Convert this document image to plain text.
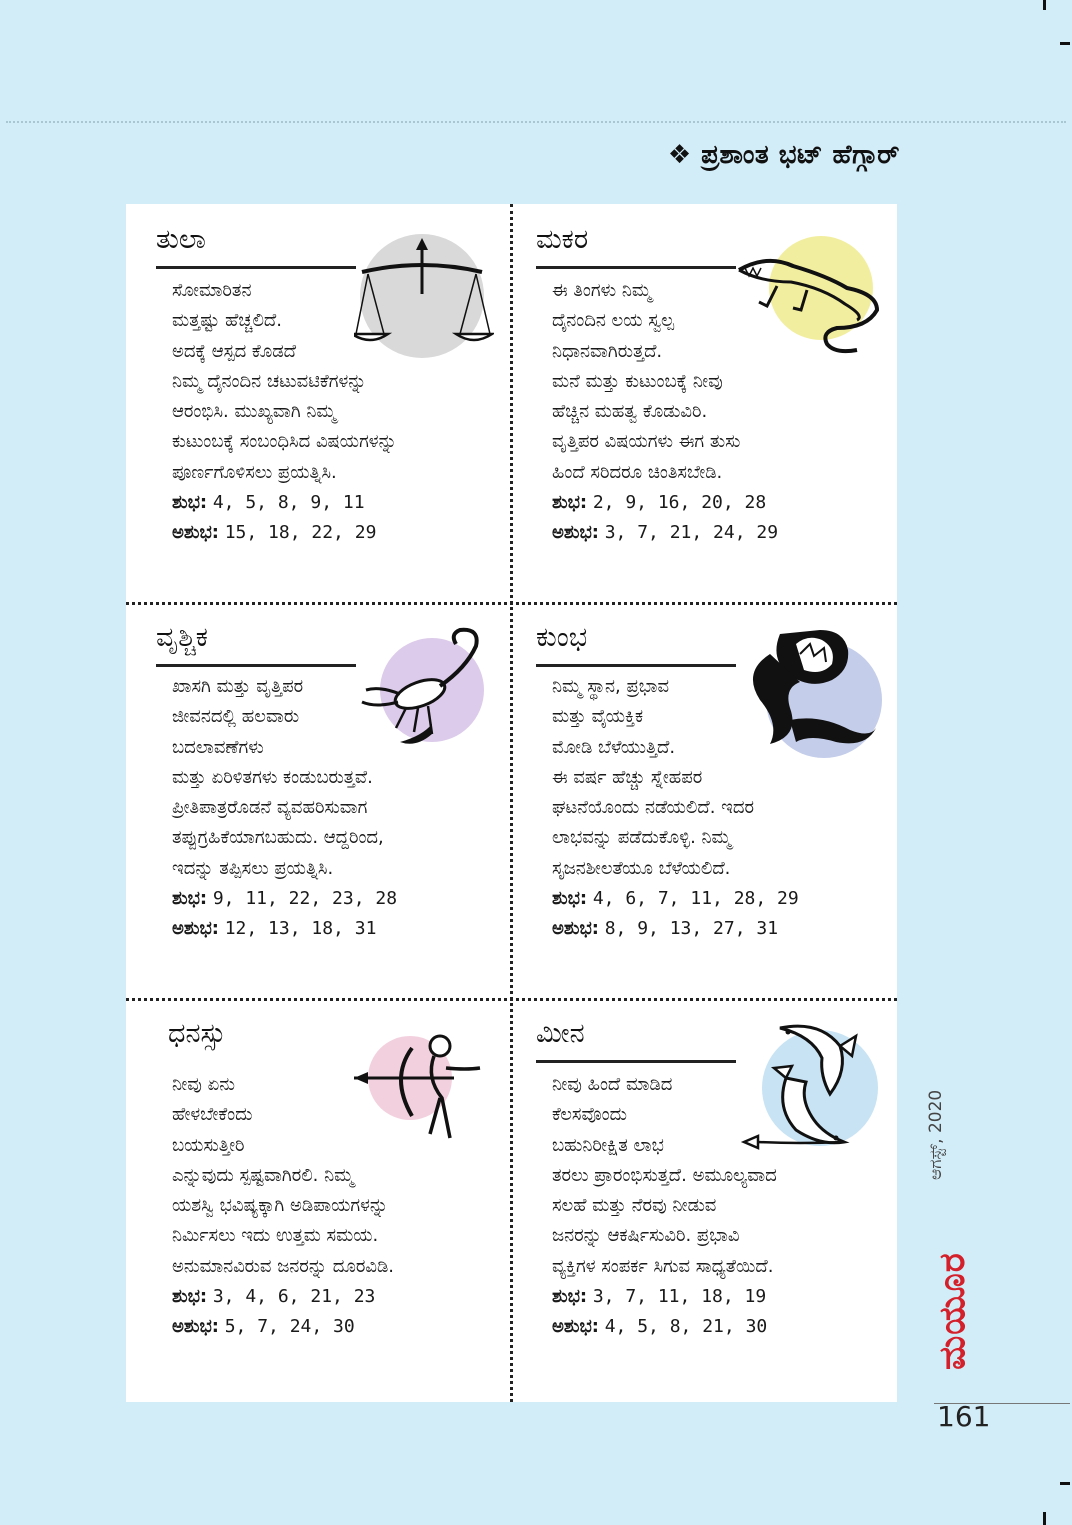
❖ ಪ್ರಶಾಂತ ಭಟ್ ಹೆಗ್ಗಾರ್
ತುಲಾ
ಸೋಮಾರಿತನ
ಮತ್ತಷ್ಟು ಹೆಚ್ಚಲಿದೆ.
ಅದಕ್ಕೆ ಆಸ್ಪದ ಕೊಡದೆ
ನಿಮ್ಮ ದೈನಂದಿನ ಚಟುವಟಿಕೆಗಳನ್ನು
ಆರಂಭಿಸಿ. ಮುಖ್ಯವಾಗಿ ನಿಮ್ಮ
ಕುಟುಂಬಕ್ಕೆ ಸಂಬಂಧಿಸಿದ ವಿಷಯಗಳನ್ನು
ಪೂರ್ಣಗೊಳಿಸಲು ಪ್ರಯತ್ನಿಸಿ.
ಶುಭ: 4, 5, 8, 9, 11
ಅಶುಭ: 15, 18, 22, 29
ಮಕರ
ಈ ತಿಂಗಳು ನಿಮ್ಮ
ದೈನಂದಿನ ಲಯ ಸ್ವಲ್ಪ
ನಿಧಾನವಾಗಿರುತ್ತದೆ.
ಮನೆ ಮತ್ತು ಕುಟುಂಬಕ್ಕೆ ನೀವು
ಹೆಚ್ಚಿನ ಮಹತ್ವ ಕೊಡುವಿರಿ.
ವೃತ್ತಿಪರ ವಿಷಯಗಳು ಈಗ ತುಸು
ಹಿಂದೆ ಸರಿದರೂ ಚಿಂತಿಸಬೇಡಿ.
ಶುಭ: 2, 9, 16, 20, 28
ಅಶುಭ: 3, 7, 21, 24, 29
ವೃಶ್ಚಿಕ
ಖಾಸಗಿ ಮತ್ತು ವೃತ್ತಿಪರ
ಜೀವನದಲ್ಲಿ ಹಲವಾರು
ಬದಲಾವಣೆಗಳು
ಮತ್ತು ಏರಿಳಿತಗಳು ಕಂಡುಬರುತ್ತವೆ.
ಪ್ರೀತಿಪಾತ್ರರೊಡನೆ ವ್ಯವಹರಿಸುವಾಗ
ತಪ್ಪುಗ್ರಹಿಕೆಯಾಗಬಹುದು. ಆದ್ದರಿಂದ,
ಇದನ್ನು ತಪ್ಪಿಸಲು ಪ್ರಯತ್ನಿಸಿ.
ಶುಭ: 9, 11, 22, 23, 28
ಅಶುಭ: 12, 13, 18, 31
ಕುಂಭ
ನಿಮ್ಮ ಸ್ಥಾನ, ಪ್ರಭಾವ
ಮತ್ತು ವೈಯಕ್ತಿಕ
ಮೋಡಿ ಬೆಳೆಯುತ್ತಿದೆ.
ಈ ವರ್ಷ ಹೆಚ್ಚು ಸ್ನೇಹಪರ
ಘಟನೆಯೊಂದು ನಡೆಯಲಿದೆ. ಇದರ
ಲಾಭವನ್ನು ಪಡೆದುಕೊಳ್ಳಿ. ನಿಮ್ಮ
ಸೃಜನಶೀಲತೆಯೂ ಬೆಳೆಯಲಿದೆ.
ಶುಭ: 4, 6, 7, 11, 28, 29
ಅಶುಭ: 8, 9, 13, 27, 31
ಧನಸ್ಸು
ನೀವು ಏನು
ಹೇಳಬೇಕೆಂದು
ಬಯಸುತ್ತೀರಿ
ಎನ್ನುವುದು ಸ್ಪಷ್ಟವಾಗಿರಲಿ. ನಿಮ್ಮ
ಯಶಸ್ವಿ ಭವಿಷ್ಯಕ್ಕಾಗಿ ಅಡಿಪಾಯಗಳನ್ನು
ನಿರ್ಮಿಸಲು ಇದು ಉತ್ತಮ ಸಮಯ.
ಅನುಮಾನವಿರುವ ಜನರನ್ನು ದೂರವಿಡಿ.
ಶುಭ: 3, 4, 6, 21, 23
ಅಶುಭ: 5, 7, 24, 30
ಮೀನ
ನೀವು ಹಿಂದೆ ಮಾಡಿದ
ಕೆಲಸವೊಂದು
ಬಹುನಿರೀಕ್ಷಿತ ಲಾಭ
ತರಲು ಪ್ರಾರಂಭಿಸುತ್ತದೆ. ಅಮೂಲ್ಯವಾದ
ಸಲಹೆ ಮತ್ತು ನೆರವು ನೀಡುವ
ಜನರನ್ನು ಆಕರ್ಷಿಸುವಿರಿ. ಪ್ರಭಾವಿ
ವ್ಯಕ್ತಿಗಳ ಸಂಪರ್ಕ ಸಿಗುವ ಸಾಧ್ಯತೆಯಿದೆ.
ಶುಭ: 3, 7, 11, 18, 19
ಅಶುಭ: 4, 5, 8, 21, 30
ಆಗಸ್ಟ್, 2020
ಮಯೂರ
161
